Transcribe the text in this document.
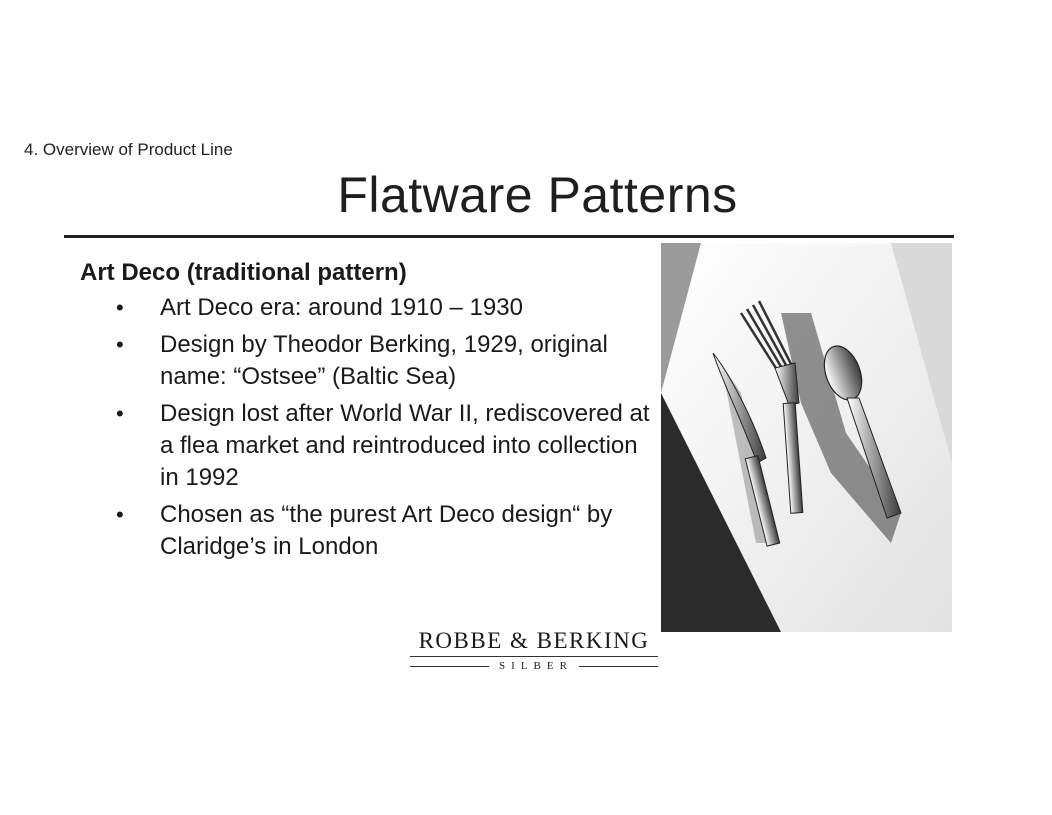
4. Overview of Product Line
Flatware Patterns
Art Deco (traditional pattern)
• Art Deco era: around 1910 – 1930
• Design by Theodor Berking, 1929, original name: “Ostsee” (Baltic Sea)
• Design lost after World War II, rediscovered at a flea market and reintroduced into collection in 1992
• Chosen as “the purest Art Deco design“ by Claridge’s in London
ROBBE & BERKING
SILBER
